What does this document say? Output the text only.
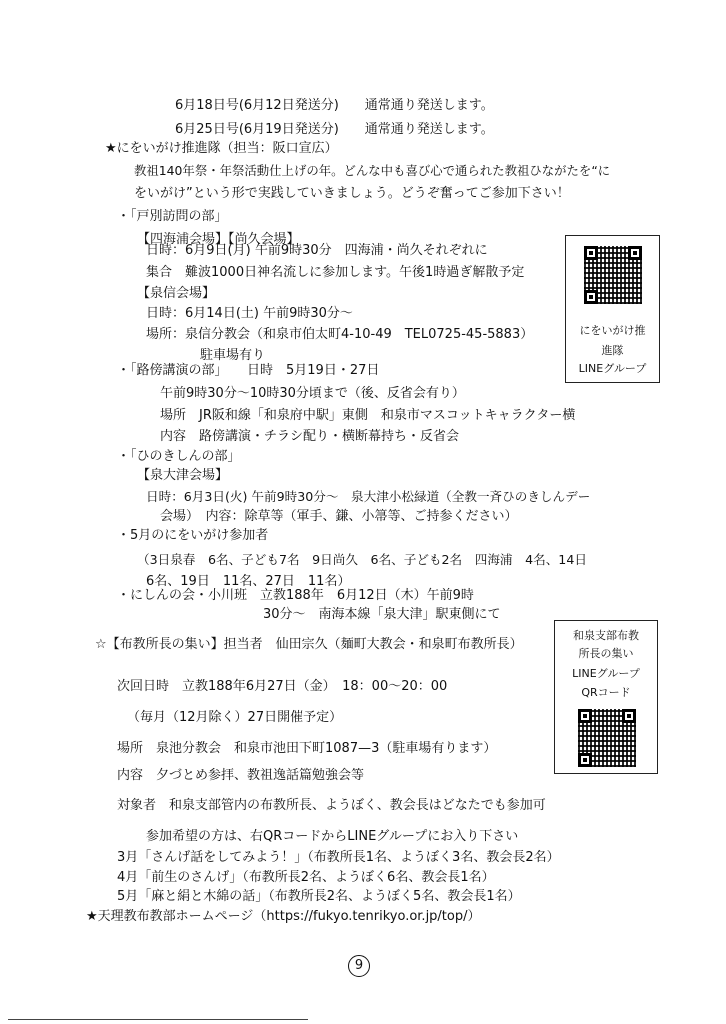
6月18日号(6月12日発送分)　　通常通り発送します。
6月25日号(6月19日発送分)　　通常通り発送します。
★にをいがけ推進隊（担当：阪口宣広）
教祖140年祭・年祭活動仕上げの年。どんな中も喜び心で通られた教祖ひながたを“に
をいがけ”という形で実践していきましょう。どうぞ奮ってご参加下さい！
・「戸別訪問の部」
【四海浦会場】【尚久会場】
日時：6月9日(月) 午前9時30分　四海浦・尚久それぞれに
集合　難波1000日神名流しに参加します。午後1時過ぎ解散予定
【泉信会場】
日時：6月14日(土) 午前9時30分～
場所：泉信分教会（和泉市伯太町4-10-49　TEL0725-45-5883）
駐車場有り
・「路傍講演の部」　　日時　5月19日・27日
午前9時30分～10時30分頃まで（後、反省会有り）
場所　JR阪和線「和泉府中駅」東側　和泉市マスコットキャラクター横
内容　路傍講演・チラシ配り・横断幕持ち・反省会
・「ひのきしんの部」
【泉大津会場】
日時：6月3日(火) 午前9時30分～　泉大津小松緑道（全教一斉ひのきしんデー
会場）　内容：除草等（軍手、鎌、小箒等、ご持参ください）
・5月のにをいがけ参加者
（3日泉春　6名、子ども7名　9日尚久　6名、子ども2名　四海浦　4名、14日
6名、19日　11名、27日　11名）
・にしんの会・小川班　立教188年　6月12日（木）午前9時
30分～　南海本線「泉大津」駅東側にて
☆【布教所長の集い】担当者　仙田宗久（麺町大教会・和泉町布教所長）
次回日時　立教188年6月27日（金）　18：00～20：00
（毎月（12月除く）27日開催予定）
場所　泉池分教会　和泉市池田下町1087—3（駐車場有ります）
内容　夕づとめ参拝、教祖逸話篇勉強会等
対象者　和泉支部管内の布教所長、ようぼく、教会長はどなたでも参加可
参加希望の方は、右QRコードからLINEグループにお入り下さい
3月「さんげ話をしてみよう！」（布教所長1名、ようぼく3名、教会長2名）
4月「前生のさんげ」（布教所長2名、ようぼく6名、教会長1名）
5月「麻と絹と木綿の話」（布教所長2名、ようぼく5名、教会長1名）
★天理教布教部ホームページ（https://fukyo.tenrikyo.or.jp/top/）
にをいがけ推
進隊
LINEグループ
和泉支部布教
所長の集い
LINEグループ
QRコード
9
